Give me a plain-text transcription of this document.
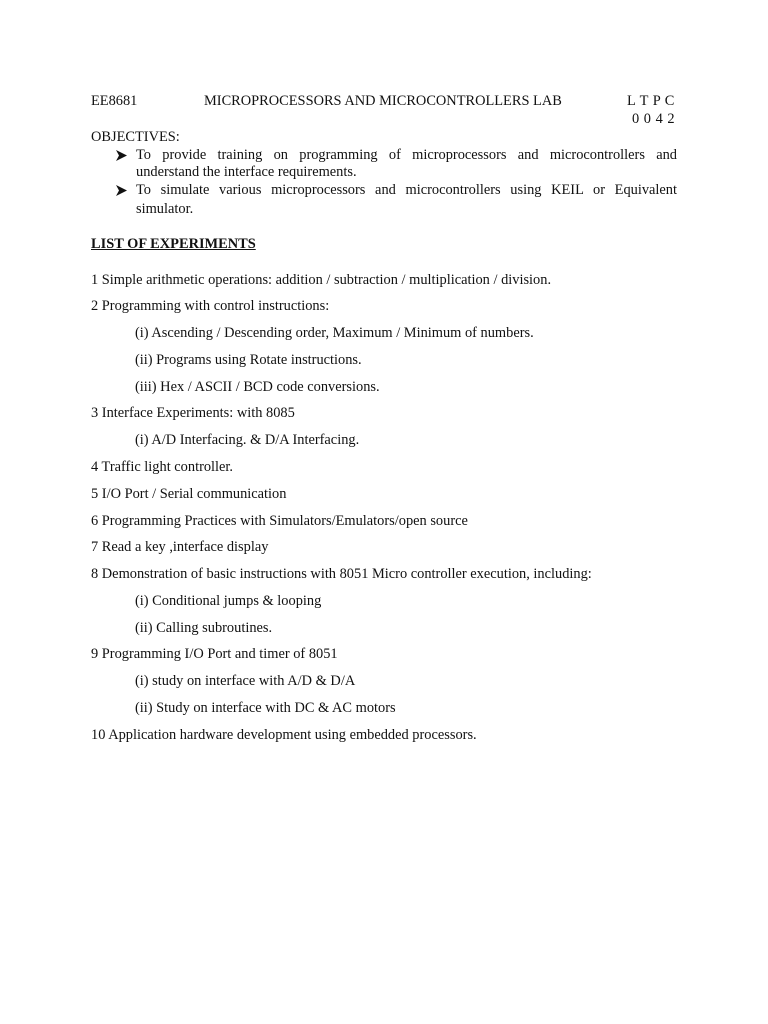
EE8681	MICROPROCESSORS AND MICROCONTROLLERS LAB	L T P C
0 0 4 2
OBJECTIVES:
To provide training on programming of microprocessors and microcontrollers and
understand the interface requirements.
To simulate various microprocessors and microcontrollers using KEIL or Equivalent
simulator.
LIST OF EXPERIMENTS
1 Simple arithmetic operations: addition / subtraction / multiplication / division.
2 Programming with control instructions:
(i) Ascending / Descending order, Maximum / Minimum of numbers.
(ii) Programs using Rotate instructions.
(iii) Hex / ASCII / BCD code conversions.
3 Interface Experiments: with 8085
(i) A/D Interfacing. & D/A Interfacing.
4 Traffic light controller.
5 I/O Port / Serial communication
6 Programming Practices with Simulators/Emulators/open source
7 Read a key ,interface display
8 Demonstration of basic instructions with 8051 Micro controller execution, including:
(i) Conditional jumps & looping
(ii) Calling subroutines.
9 Programming I/O Port and timer of 8051
(i) study on interface with A/D & D/A
(ii) Study on interface with DC & AC motors
10 Application hardware development using embedded processors.
